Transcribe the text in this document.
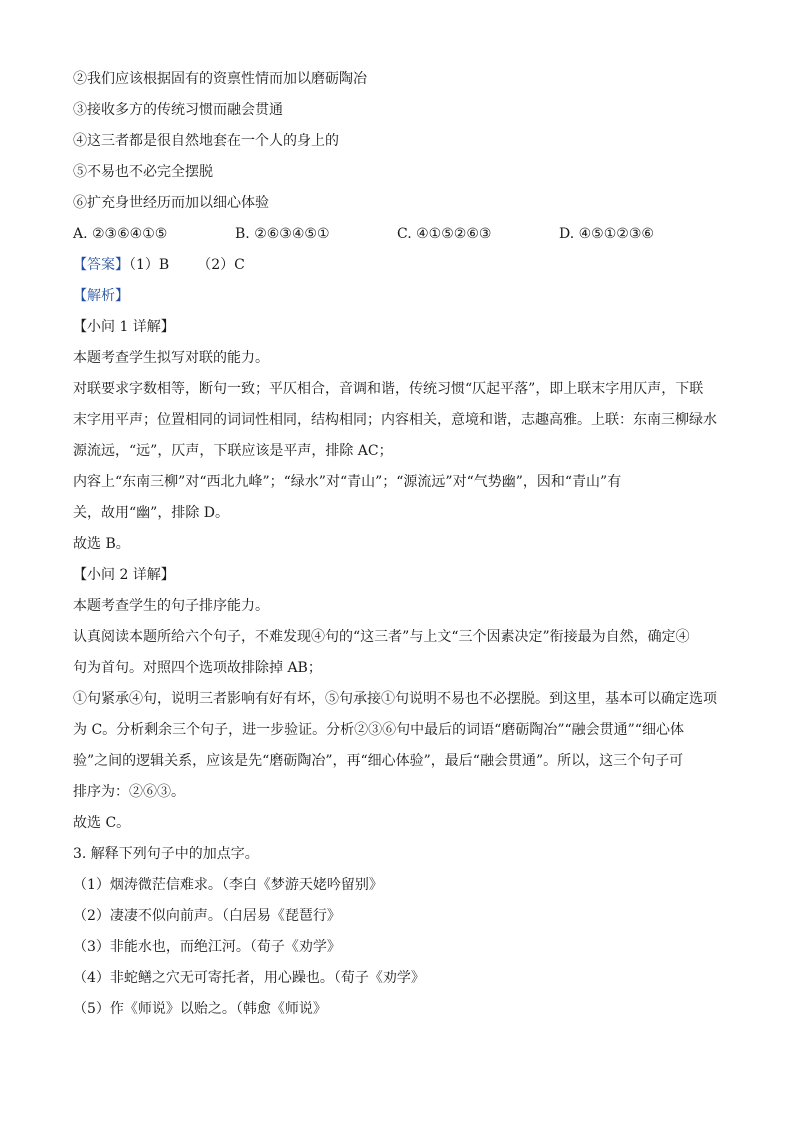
②我们应该根据固有的资禀性情而加以磨砺陶冶
③接收多方的传统习惯而融会贯通
④这三者都是很自然地套在一个人的身上的
⑤不易也不必完全摆脱
⑥扩充身世经历而加以细心体验
A. ②③⑥④①⑤	B. ②⑥③④⑤①	C. ④①⑤②⑥③	D. ④⑤①②③⑥
【答案】（1）B （2）C
【解析】
【小问 1 详解】
本题考查学生拟写对联的能力。
对联要求字数相等，断句一致；平仄相合，音调和谐，传统习惯“仄起平落”，即上联末字用仄声，下联
末字用平声；位置相同的词词性相同，结构相同；内容相关，意境和谐，志趣高雅。上联：东南三柳绿水
源流远，“远”，仄声，下联应该是平声，排除 AC；
内容上“东南三柳”对“西北九峰”；“绿水”对“青山”；“源流远”对“气势幽”，因和“青山”有
关，故用“幽”，排除 D。
故选 B。
【小问 2 详解】
本题考查学生的句子排序能力。
认真阅读本题所给六个句子，不难发现④句的“这三者”与上文“三个因素决定”衔接最为自然，确定④
句为首句。对照四个选项故排除掉 AB；
①句紧承④句，说明三者影响有好有坏，⑤句承接①句说明不易也不必摆脱。到这里，基本可以确定选项
为 C。分析剩余三个句子，进一步验证。分析②③⑥句中最后的词语“磨砺陶冶”“融会贯通”“细心体
验”之间的逻辑关系，应该是先“磨砺陶冶”，再“细心体验”，最后“融会贯通”。所以，这三个句子可
排序为：②⑥③。
故选 C。
3. 解释下列句子中的加点字。
（1）烟涛微茫信难求。（李白《梦游天姥吟留别》
（2）凄凄不似向前声。（白居易《琵琶行》
（3）非能水也，而绝江河。（荀子《劝学》
（4）非蛇鳝之穴无可寄托者，用心躁也。（荀子《劝学》
（5）作《师说》以贻之。（韩愈《师说》
